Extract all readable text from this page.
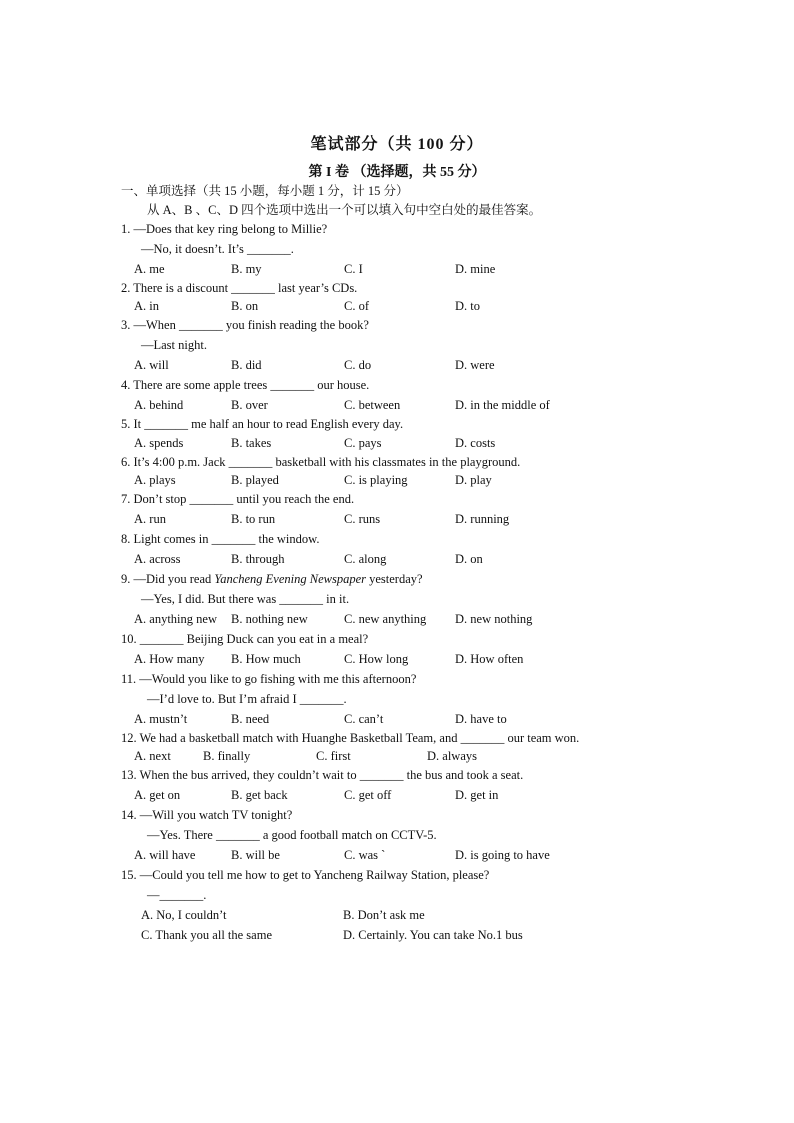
笔试部分（共 100 分）
第 I 卷 （选择题，共 55 分）
一、单项选择（共 15 小题，每小题 1 分，计 15 分）
从 A、B 、C、D 四个选项中选出一个可以填入句中空白处的最佳答案。
1. —Does that key ring belong to Millie?
—No, it doesn’t. It’s _______.
A. me	B. my	C. I	D. mine
2. There is a discount _______ last year’s CDs.
A. in	B. on	C. of	D. to
3. —When _______ you finish reading the book?
—Last night.
A. will	B. did	C. do	D. were
4. There are some apple trees _______ our house.
A. behind	B. over	C. between	D. in the middle of
5. It _______ me half an hour to read English every day.
A. spends	B. takes	C. pays	D. costs
6. It’s 4:00 p.m. Jack _______ basketball with his classmates in the playground.
A. plays	B. played	C. is playing	D. play
7. Don’t stop _______ until you reach the end.
A. run	B. to run	C. runs	D. running
8. Light comes in _______ the window.
A. across	B. through	C. along	D. on
9. —Did you read Yancheng Evening Newspaper yesterday?
—Yes, I did. But there was _______ in it.
A. anything new B. nothing new	C. new anything D. new nothing
10. _______ Beijing Duck can you eat in a meal?
A. How many B. How much	C. How long	D. How often
11. —Would you like to go fishing with me this afternoon?
—I’d love to. But I’m afraid I _______.
A. mustn’t	B. need	C. can’t	D. have to
12. We had a basketball match with Huanghe Basketball Team, and _______ our team won.
A. next	B. finally	C. first	D. always
13. When the bus arrived, they couldn’t wait to _______ the bus and took a seat.
A. get on	B. get back	C. get off	D. get in
14. —Will you watch TV tonight?
—Yes. There _______ a good football match on CCTV-5.
A. will have	B. will be	C. was `	D. is going to have
15. —Could you tell me how to get to Yancheng Railway Station, please?
—_______.
A. No, I couldn’t	B. Don’t ask me
C. Thank you all the same	D. Certainly. You can take No.1 bus
